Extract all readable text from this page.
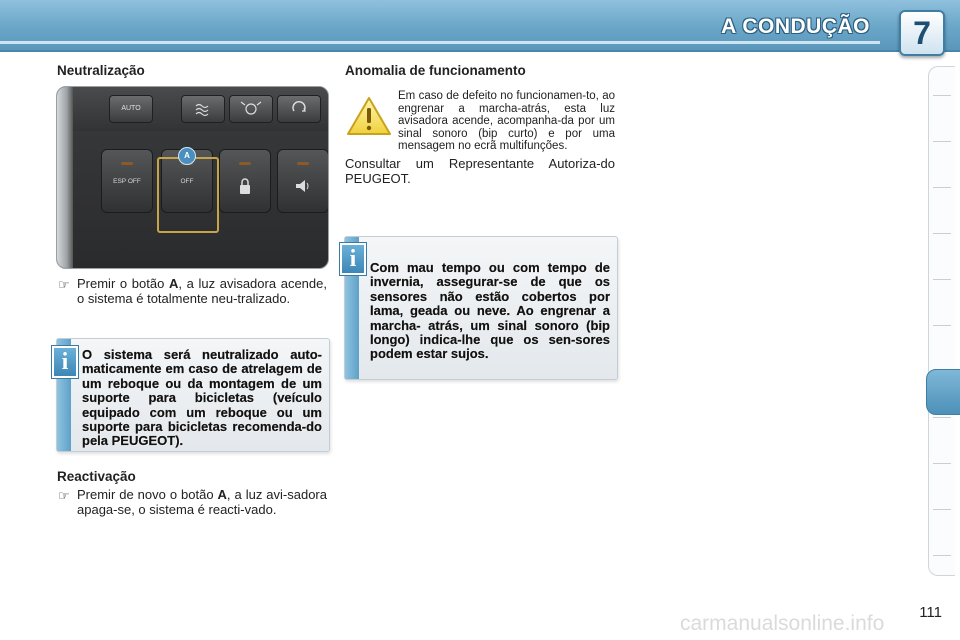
A CONDUÇÃO	7
Neutralização
AUTO
ESP OFF	OFF
A
☞ Premir o botão A, a luz avisadora acende, o sistema é totalmente neu-tralizado.
i	O sistema será neutralizado auto-maticamente em caso de atrelagem de um reboque ou da montagem de um suporte para bicicletas (veículo equipado com um reboque ou um suporte para bicicletas recomenda-do pela PEUGEOT).
Reactivação
☞ Premir de novo o botão A, a luz avi-sadora apaga-se, o sistema é reacti-vado.
Anomalia de funcionamento
Em caso de defeito no funcionamen-to, ao engrenar a marcha-atrás, esta luz avisadora acende, acompanha-da por um sinal sonoro (bip curto) e por uma mensagem no ecrã multifunções.
Consultar um Representante Autoriza-do PEUGEOT.
i	Com mau tempo ou com tempo de invernia, assegurar-se de que os sensores não estão cobertos por lama, geada ou neve. Ao engrenar a marcha- atrás, um sinal sonoro (bip longo) indica-lhe que os sen-sores podem estar sujos.
111
carmanualsonline.info
